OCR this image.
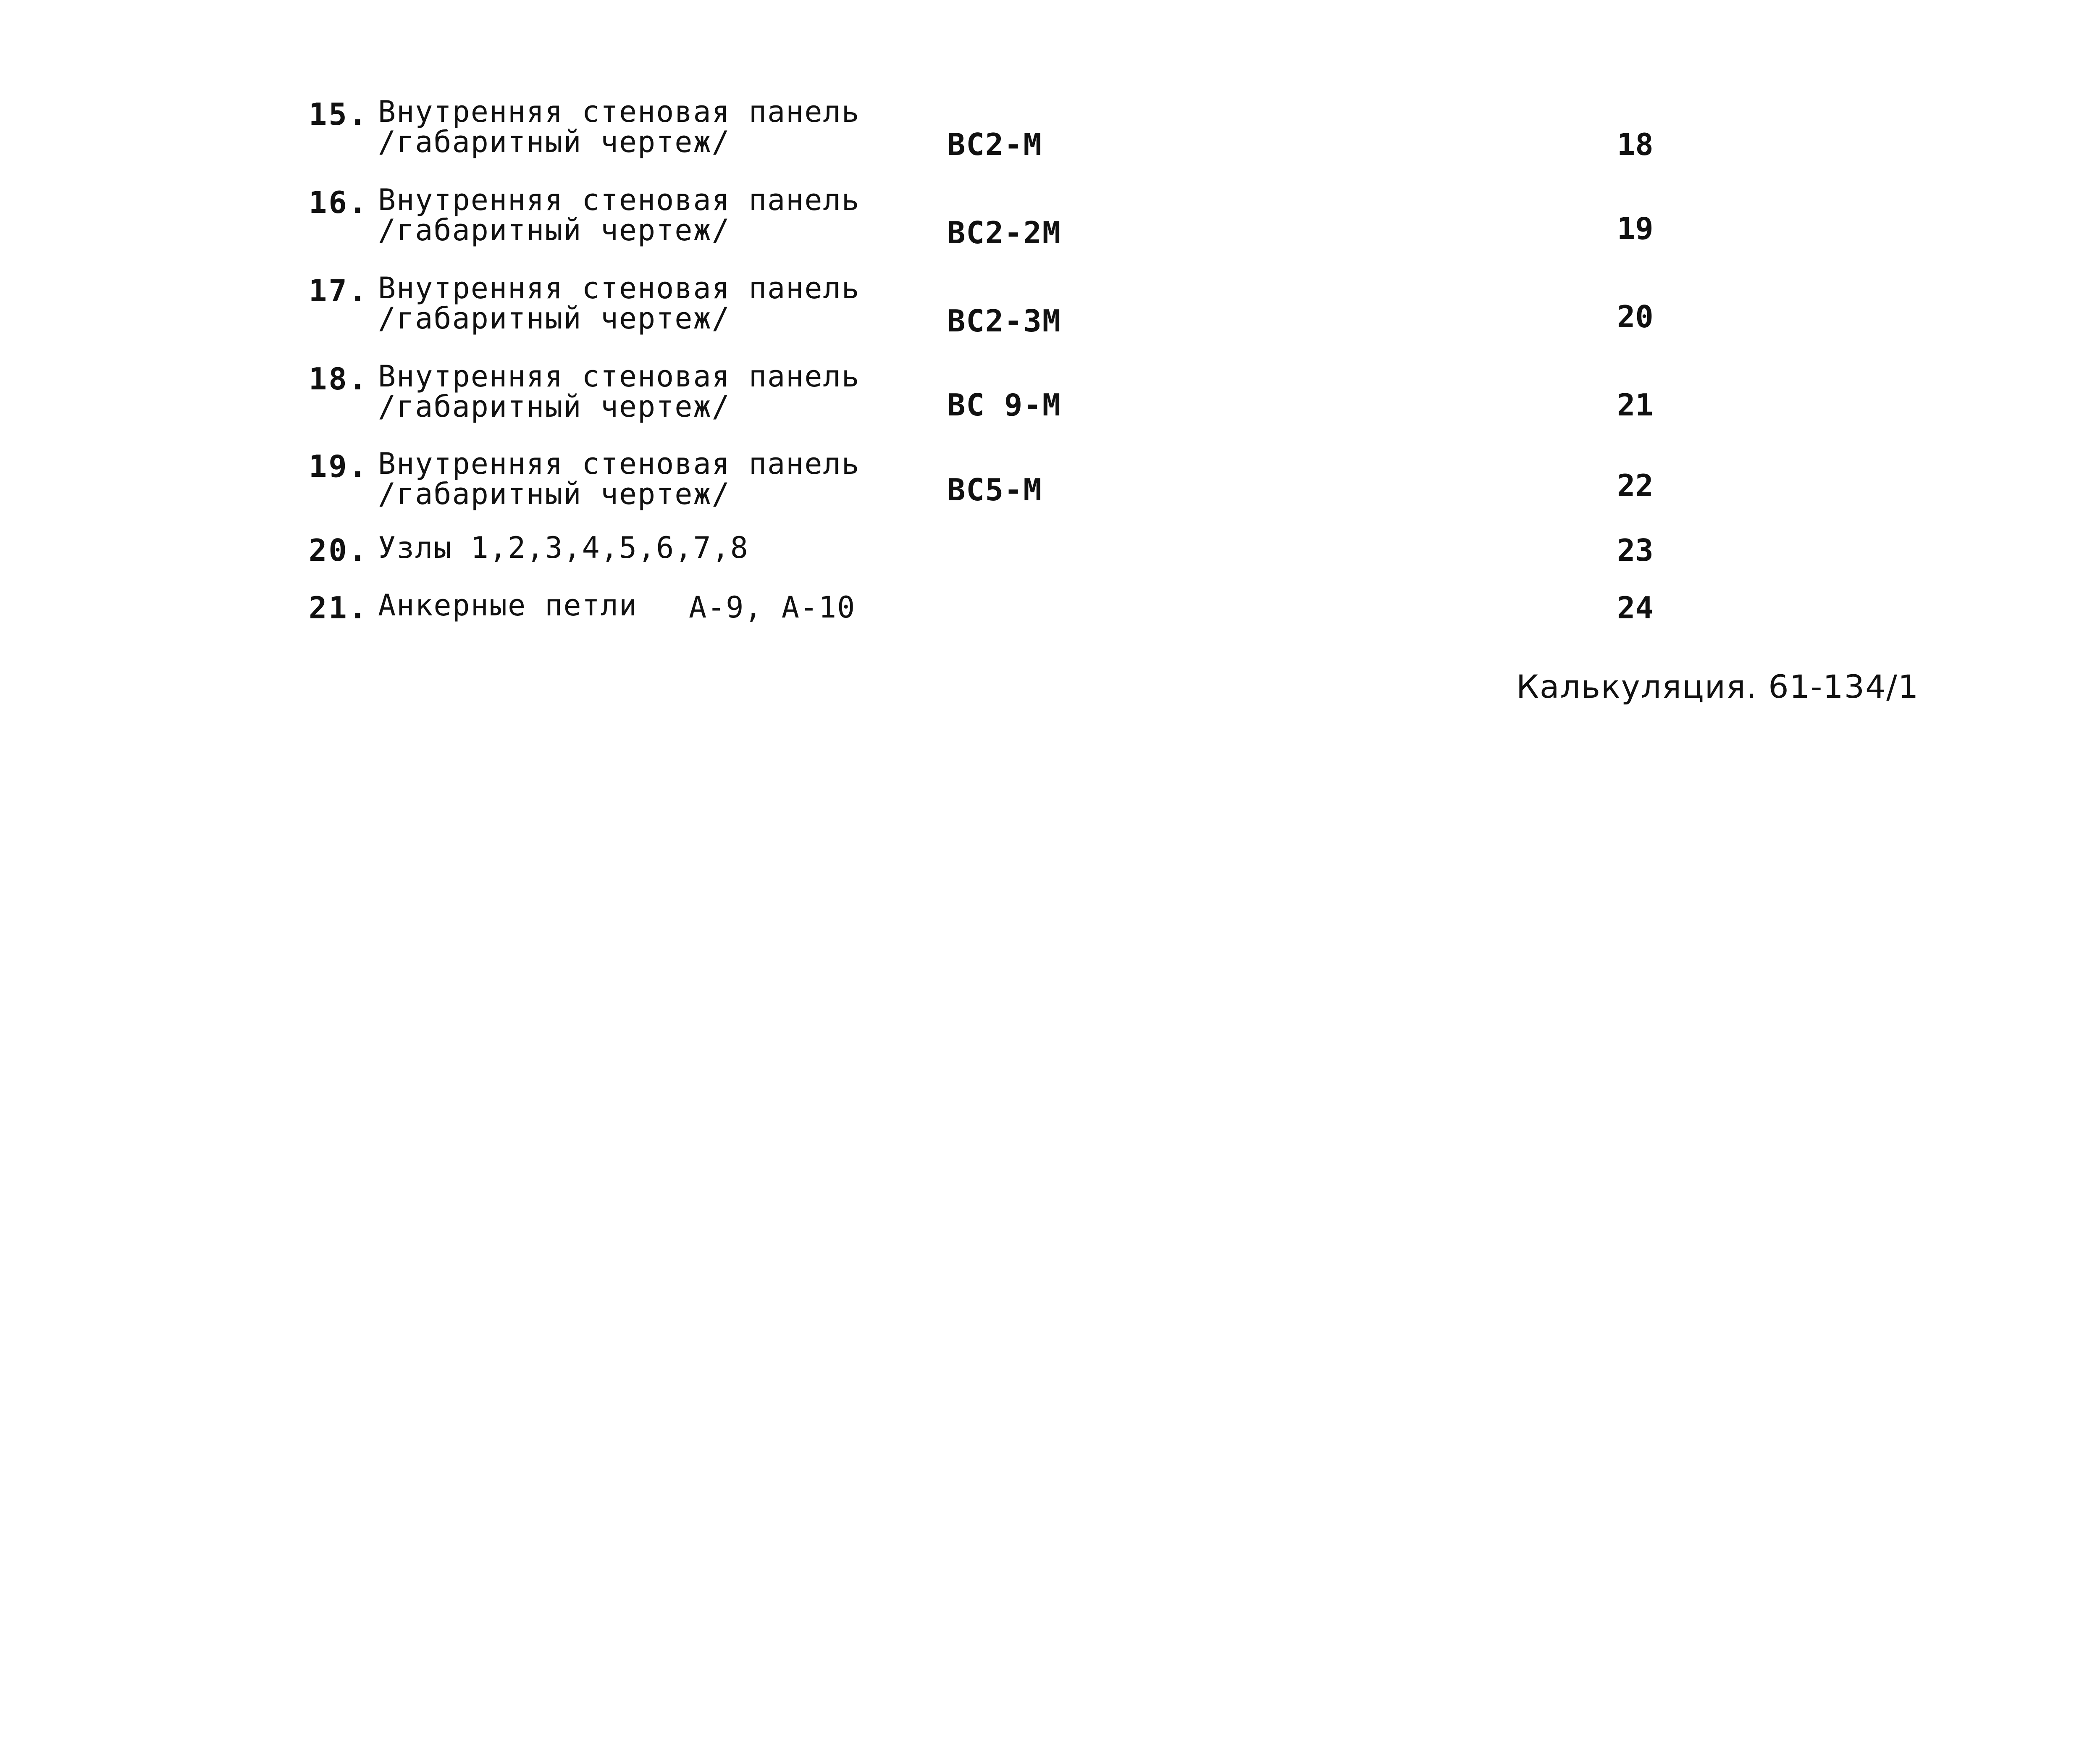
15. Внутренняя стеновая панель
/габаритный чертеж/	ВС2-М	18
16. Внутренняя стеновая панель
/габаритный чертеж/	ВС2-2М	19
17. Внутренняя стеновая панель
/габаритный чертеж/	ВС2-3М	20
18. Внутренняя стеновая панель
/габаритный чертеж/	ВС 9-М	21
19. Внутренняя стеновая панель
/габаритный чертеж/	ВС5-М	22
20. Узлы 1,2,3,4,5,6,7,8	23
21. Анкерные петли А-9, А-10	24
Калькуляция. 61-134/1
